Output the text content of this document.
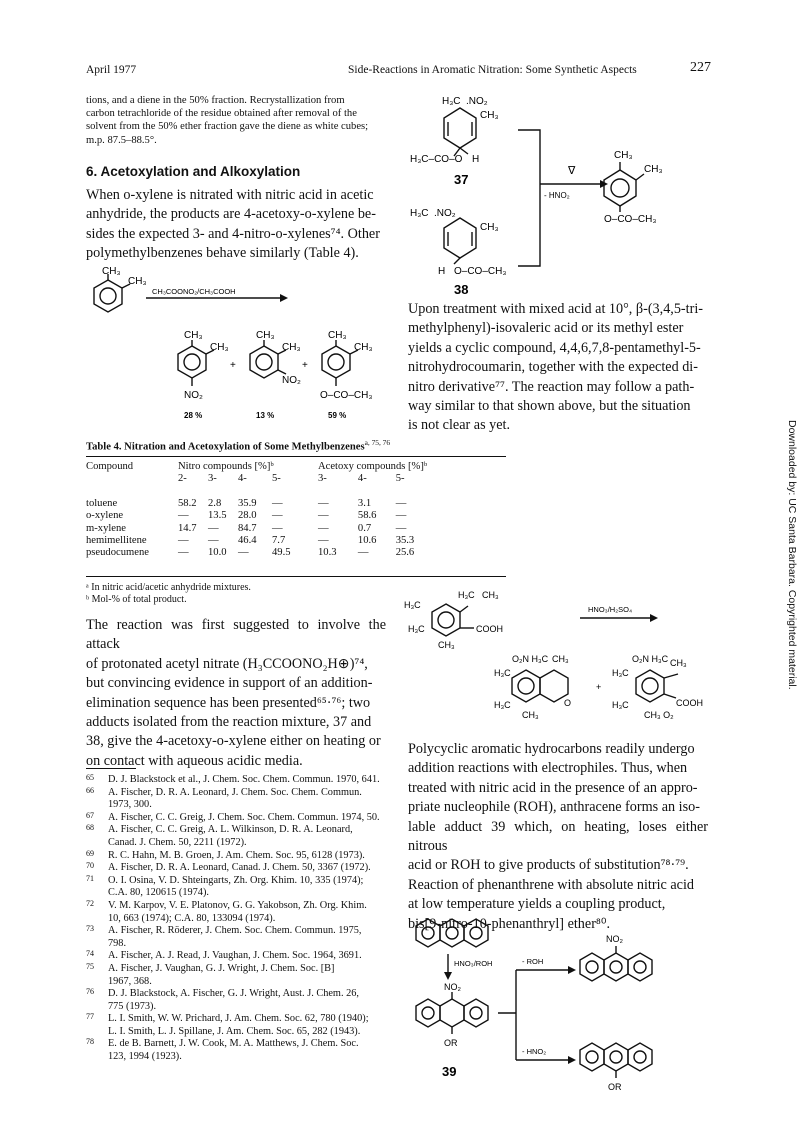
April 1977	Side-Reactions in Aromatic Nitration: Some Synthetic Aspects	227
Downloaded by: UC Santa Barbara. Copyrighted material.
tions, and a diene in the 50% fraction. Recrystallization from
carbon tetrachloride of the residue obtained after removal of the
solvent from the 50% ether fraction gave the diene as white cubes;
m.p. 87.5–88.5°.
6. Acetoxylation and Alkoxylation
When o-xylene is nitrated with nitric acid in acetic
anhydride, the products are 4-acetoxy-o-xylene be-
sides the expected 3- and 4-nitro-o-xylenes⁷⁴. Other
polymethylbenzenes behave similarly (Table 4).
CH₃
CH₃
CH₃COONO₂/CH₃COOH
CH₃
CH₃
NO₂
+
CH₃
CH₃
NO₂
+
CH₃
CH₃
O–CO–CH₃
28 %	13 %	59 %
Table 4. Nitration and Acetoxylation of Some Methylbenzenes$^{a, 75, 76}$
Compound	Nitro compounds [%]ᵇ				Acetoxy compounds [%]ᵇ		
	2-	3-	4-	5-	3-	4-	5-

toluene	58.2	2.8	35.9	—	—	3.1	—
o-xylene	—	13.5	28.0	—	—	58.6	—
m-xylene	14.7	—	84.7	—	—	0.7	—
hemimellitene	—	—	46.4	7.7	—	10.6	35.3
pseudocumene	—	10.0	—	49.5	10.3	—	25.6
ᵃ In nitric acid/acetic anhydride mixtures.
ᵇ Mol-% of total product.
The reaction was first suggested to involve the attack
of protonated acetyl nitrate (H₃CCOONO₂H⊕)⁷⁴,
but convincing evidence in support of an addition-
elimination sequence has been presented⁶⁵·⁷⁶; two
adducts isolated from the reaction mixture, 37 and
38, give the 4-acetoxy-o-xylene either on heating or
on contact with aqueous acidic media.
65 D. J. Blackstock et al., J. Chem. Soc. Chem. Commun. 1970, 641.
66 A. Fischer, D. R. A. Leonard, J. Chem. Soc. Chem. Commun.
1973, 300.
67 A. Fischer, C. C. Greig, J. Chem. Soc. Chem. Commun. 1974, 50.
68 A. Fischer, C. C. Greig, A. L. Wilkinson, D. R. A. Leonard,
Canad. J. Chem. 50, 2211 (1972).
69 R. C. Hahn, M. B. Groen, J. Am. Chem. Soc. 95, 6128 (1973).
70 A. Fischer, D. R. A. Leonard, Canad. J. Chem. 50, 3367 (1972).
71 O. I. Osina, V. D. Shteingarts, Zh. Org. Khim. 10, 335 (1974);
C.A. 80, 120615 (1974).
72 V. M. Karpov, V. E. Platonov, G. G. Yakobson, Zh. Org. Khim.
10, 663 (1974); C.A. 80, 133094 (1974).
73 A. Fischer, R. Röderer, J. Chem. Soc. Chem. Commun. 1975,
798.
74 A. Fischer, A. J. Read, J. Vaughan, J. Chem. Soc. 1964, 3691.
75 A. Fischer, J. Vaughan, G. J. Wright, J. Chem. Soc. [B]
1967, 368.
76 D. J. Blackstock, A. Fischer, G. J. Wright, Aust. J. Chem. 26,
775 (1973).
77 L. I. Smith, W. W. Prichard, J. Am. Chem. Soc. 62, 780 (1940);
L. I. Smith, L. J. Spillane, J. Am. Chem. Soc. 65, 282 (1943).
78 E. de B. Barnett, J. W. Cook, M. A. Matthews, J. Chem. Soc.
123, 1994 (1923).
H₃C .NO₂
CH₃
H₃C–CO–O H
37
∇
- HNO₂
CH₃
CH₃
O–CO–CH₃
H₃C .NO₂
CH₃
H O–CO–CH₃
38
Upon treatment with mixed acid at 10°, β-(3,4,5-tri-
methylphenyl)-isovaleric acid or its methyl ester
yields a cyclic compound, 4,4,6,7,8-pentamethyl-5-
nitrohydrocoumarin, together with the expected di-
nitro derivative⁷⁷. The reaction may follow a path-
way similar to that shown above, but the situation
is not clear as yet.
H₃C CH₃
H₃C
H₃C	COOH
CH₃
HNO₃/H₂SO₄
O₂N H₃C CH₃
H₃C
H₃C	O
CH₃
+
O₂N H₃C CH₃
H₃C
H₃C	COOH
CH₃ O₂
Polycyclic aromatic hydrocarbons readily undergo
addition reactions with electrophiles. Thus, when
treated with nitric acid in the presence of an appro-
priate nucleophile (ROH), anthracene forms an iso-
lable adduct 39 which, on heating, loses either nitrous
acid or ROH to give products of substitution⁷⁸·⁷⁹.
Reaction of phenanthrene with absolute nitric acid
at low temperature yields a coupling product,
bis[9-nitro-10-phenanthryl] ether⁸⁰.
HNO₃/ROH
NO₂
OR
39
- ROH
- HNO₂
NO₂
OR
